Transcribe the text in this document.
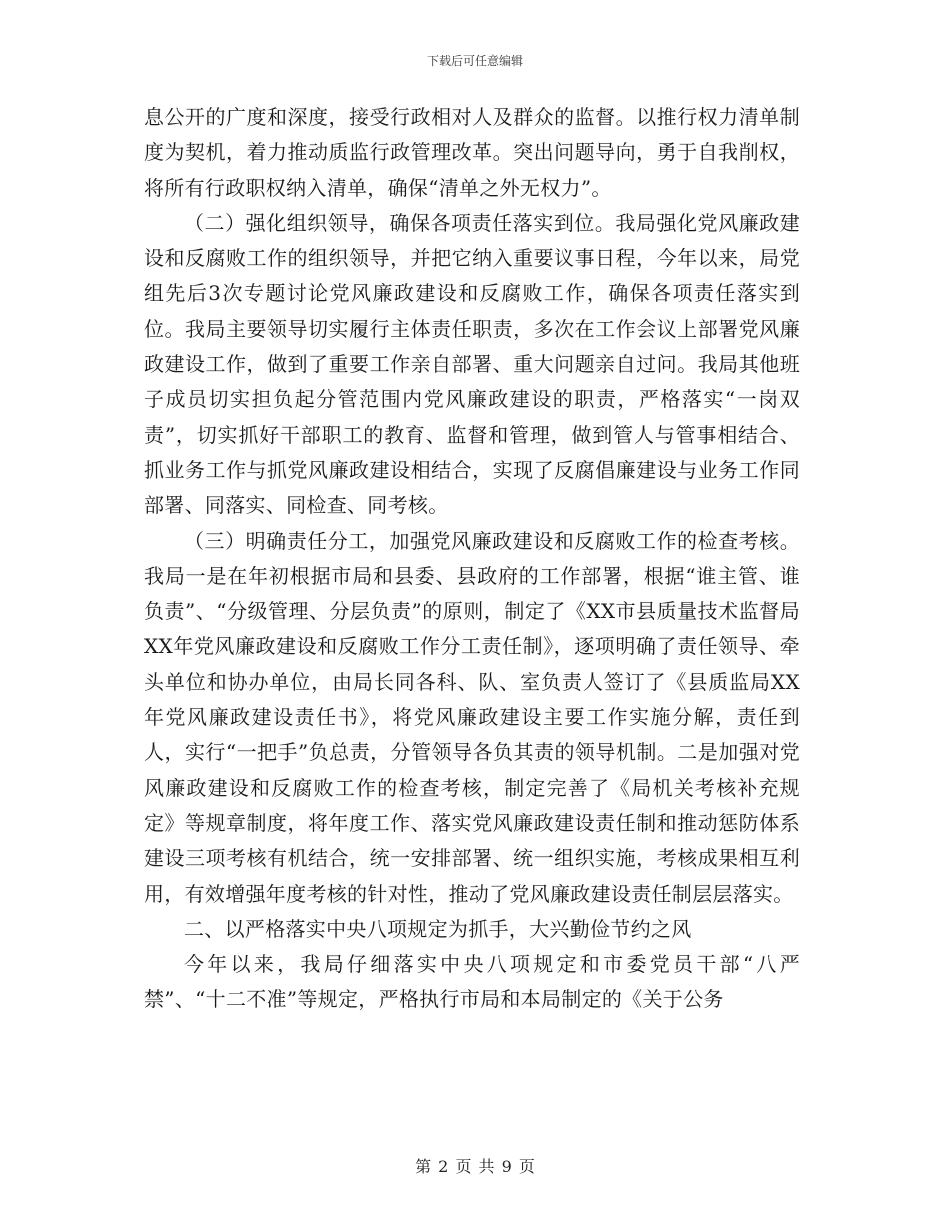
下载后可任意编辑

息公开的广度和深度，接受行政相对人及群众的监督。以推行权力清单制度为契机，着力推动质监行政管理改革。突出问题导向，勇于自我削权，将所有行政职权纳入清单，确保“清单之外无权力”。

（二）强化组织领导，确保各项责任落实到位。我局强化党风廉政建设和反腐败工作的组织领导，并把它纳入重要议事日程，今年以来，局党组先后3次专题讨论党风廉政建设和反腐败工作，确保各项责任落实到位。我局主要领导切实履行主体责任职责，多次在工作会议上部署党风廉政建设工作，做到了重要工作亲自部署、重大问题亲自过问。我局其他班子成员切实担负起分管范围内党风廉政建设的职责，严格落实“一岗双责”，切实抓好干部职工的教育、监督和管理，做到管人与管事相结合、抓业务工作与抓党风廉政建设相结合，实现了反腐倡廉建设与业务工作同部署、同落实、同检查、同考核。

（三）明确责任分工，加强党风廉政建设和反腐败工作的检查考核。我局一是在年初根据市局和县委、县政府的工作部署，根据“谁主管、谁负责”、“分级管理、分层负责”的原则，制定了《XX市县质量技术监督局XX年党风廉政建设和反腐败工作分工责任制》，逐项明确了责任领导、牵头单位和协办单位，由局长同各科、队、室负责人签订了《县质监局XX年党风廉政建设责任书》，将党风廉政建设主要工作实施分解，责任到人，实行“一把手”负总责，分管领导各负其责的领导机制。二是加强对党风廉政建设和反腐败工作的检查考核，制定完善了《局机关考核补充规定》等规章制度，将年度工作、落实党风廉政建设责任制和推动惩防体系建设三项考核有机结合，统一安排部署、统一组织实施，考核成果相互利用，有效增强年度考核的针对性，推动了党风廉政建设责任制层层落实。

二、以严格落实中央八项规定为抓手，大兴勤俭节约之风

今年以来，我局仔细落实中央八项规定和市委党员干部“八严禁”、“十二不准”等规定，严格执行市局和本局制定的《关于公务

第 2 页 共 9 页
